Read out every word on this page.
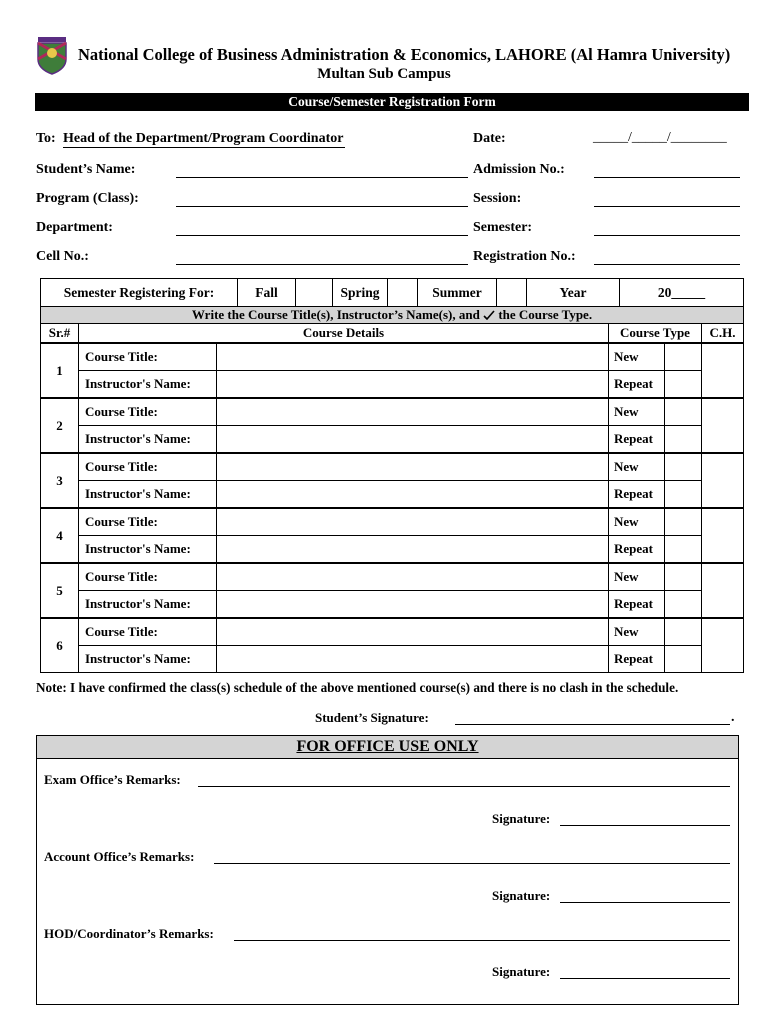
National College of Business Administration & Economics, LAHORE (Al Hamra University)
Multan Sub Campus
Course/Semester Registration Form
To: Head of the Department/Program Coordinator	Date:	_____/_____/________
Student’s Name:	Admission No.:
Program (Class):	Session:
Department:	Semester:
Cell No.:	Registration No.:
Semester Registering For:	Fall		Spring		Summer		Year	20_____
Write the Course Title(s), Instructor’s Name(s), and the Course Type.					
Sr.#	Course Details		Course Type		C.H.
1	Course Title:		New		
	Instructor's Name:		Repeat		
2	Course Title:		New		
	Instructor's Name:		Repeat		
3	Course Title:		New		
	Instructor's Name:		Repeat		
4	Course Title:		New		
	Instructor's Name:		Repeat		
5	Course Title:		New		
	Instructor's Name:		Repeat		
6	Course Title:		New		
	Instructor's Name:		Repeat		
Note: I have confirmed the class(s) schedule of the above mentioned course(s) and there is no clash in the schedule.
Student’s Signature:	.
FOR OFFICE USE ONLY
Exam Office’s Remarks:
Signature:
Account Office’s Remarks:
Signature:
HOD/Coordinator’s Remarks:
Signature:
